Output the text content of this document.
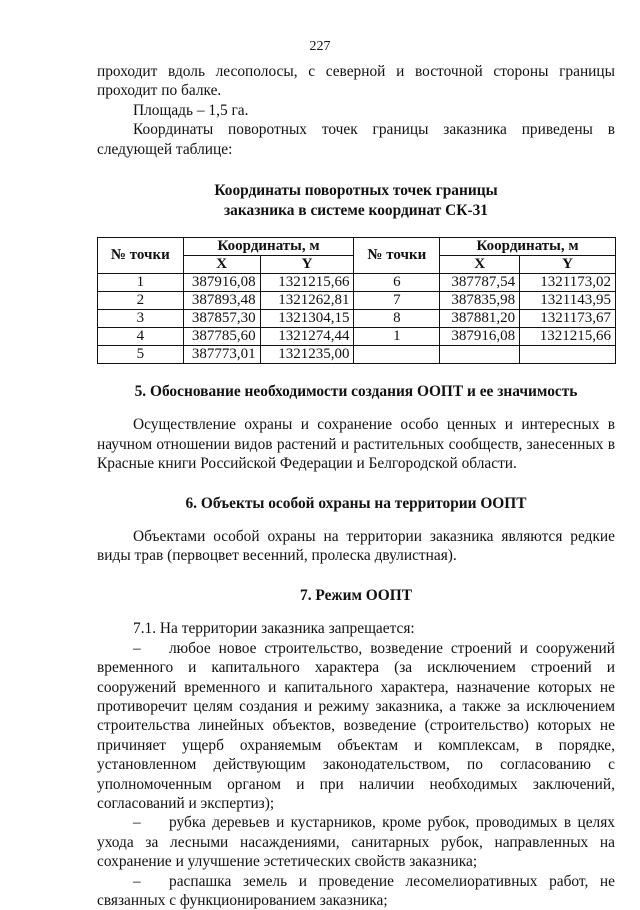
227

проходит вдоль лесополосы, с северной и восточной стороны границы проходит по балке.

Площадь – 1,5 га.

Координаты поворотных точек границы заказника приведены в следующей таблице:

Координаты поворотных точек границы
заказника в системе координат СК-31
№ точки	Координаты, м		№ точки	Координаты, м	
	X	Y		X	Y
1	387916,08	1321215,66	6	387787,54	1321173,02
2	387893,48	1321262,81	7	387835,98	1321143,95
3	387857,30	1321304,15	8	387881,20	1321173,67
4	387785,60	1321274,44	1	387916,08	1321215,66
5	387773,01	1321235,00			
5. Обоснование необходимости создания ООПТ и ее значимость

Осуществление охраны и сохранение особо ценных и интересных в научном отношении видов растений и растительных сообществ, занесенных в Красные книги Российской Федерации и Белгородской области.

6. Объекты особой охраны на территории ООПТ

Объектами особой охраны на территории заказника являются редкие виды трав (первоцвет весенний, пролеска двулистная).

7. Режим ООПТ

7.1. На территории заказника запрещается:

– любое новое строительство, возведение строений и сооружений временного и капитального характера (за исключением строений и сооружений временного и капитального характера, назначение которых не противоречит целям создания и режиму заказника, а также за исключением строительства линейных объектов, возведение (строительство) которых не причиняет ущерб охраняемым объектам и комплексам, в порядке, установленном действующим законодательством, по согласованию с уполномоченным органом и при наличии необходимых заключений, согласований и экспертиз);

– рубка деревьев и кустарников, кроме рубок, проводимых в целях ухода за лесными насаждениями, санитарных рубок, направленных на сохранение и улучшение эстетических свойств заказника;

– распашка земель и проведение лесомелиоративных работ, не связанных с функционированием заказника;
